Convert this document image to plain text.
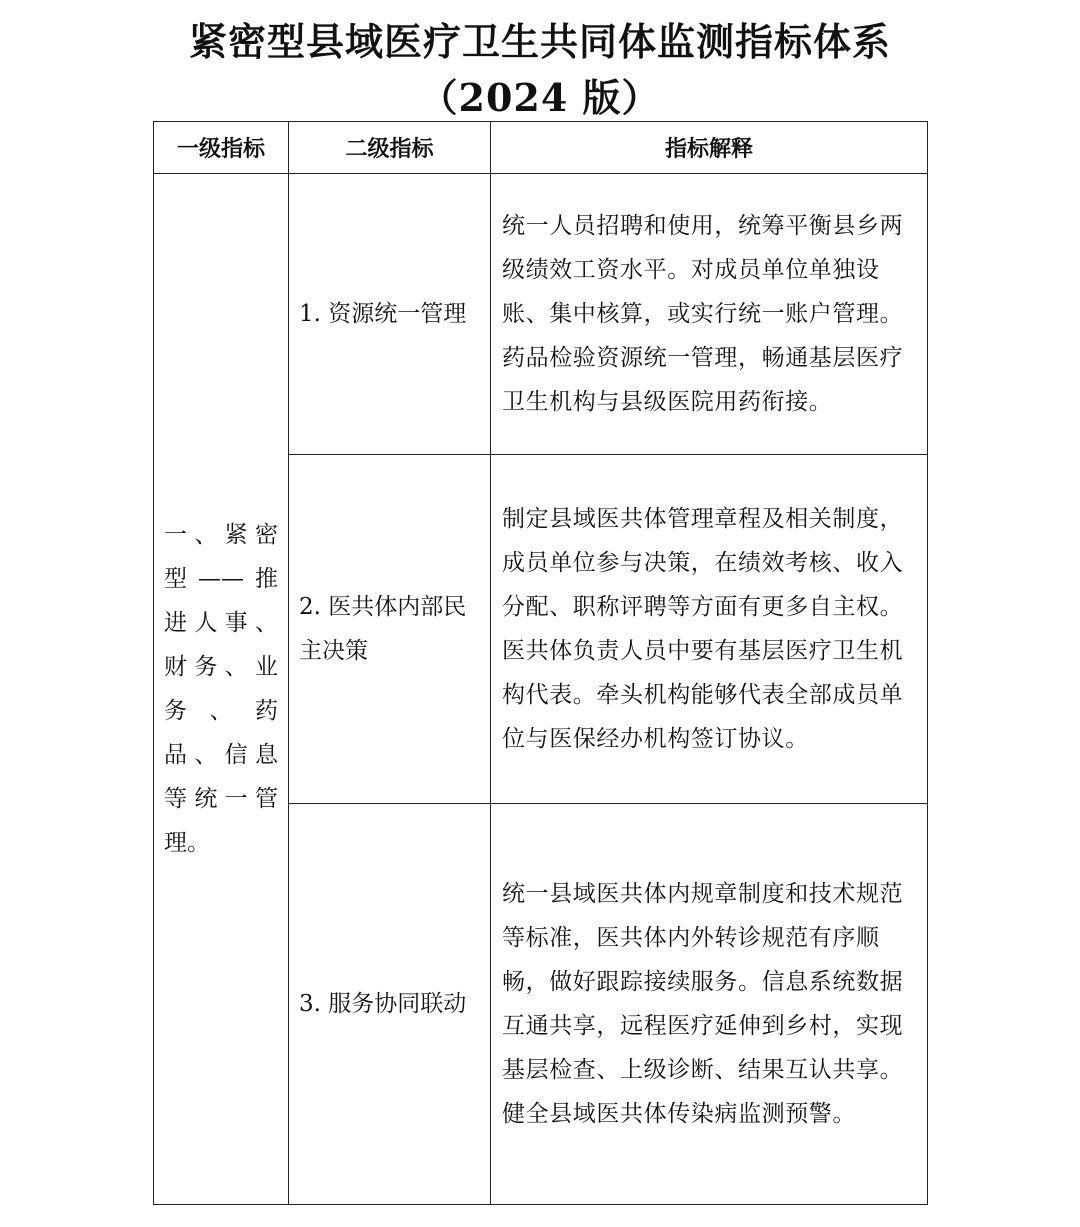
紧密型县域医疗卫生共同体监测指标体系
（2024 版）
一级指标	二级指标	指标解释
一、紧密型——推进人事、财务、业务、药品、信息等统一管理。	1. 资源统一管理	统一人员招聘和使用，统筹平衡县乡两级绩效工资水平。对成员单位单独设账、集中核算，或实行统一账户管理。药品检验资源统一管理，畅通基层医疗卫生机构与县级医院用药衔接。
	2. 医共体内部民主决策	制定县域医共体管理章程及相关制度，成员单位参与决策，在绩效考核、收入分配、职称评聘等方面有更多自主权。医共体负责人员中要有基层医疗卫生机构代表。牵头机构能够代表全部成员单位与医保经办机构签订协议。
	3. 服务协同联动	统一县域医共体内规章制度和技术规范等标准，医共体内外转诊规范有序顺畅，做好跟踪接续服务。信息系统数据互通共享，远程医疗延伸到乡村，实现基层检查、上级诊断、结果互认共享。健全县域医共体传染病监测预警。
